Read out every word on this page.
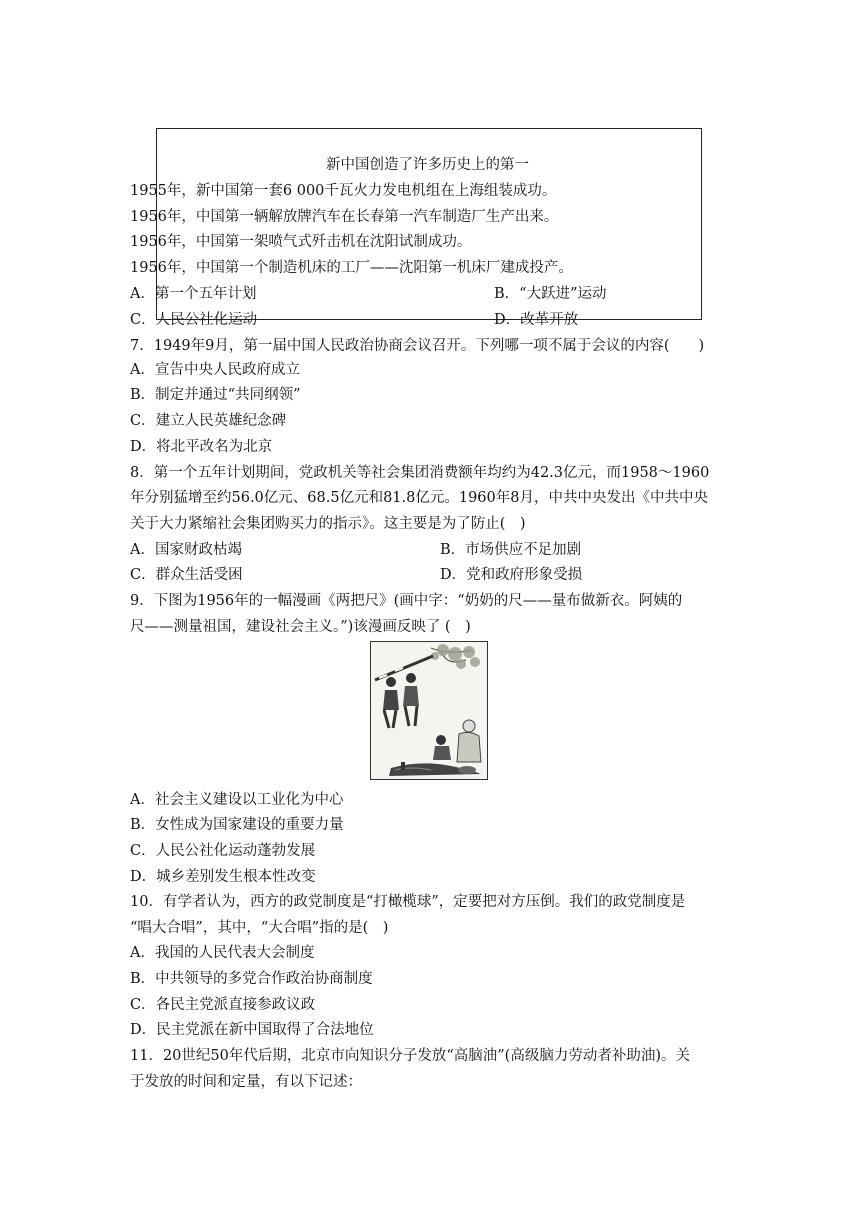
新中国创造了许多历史上的第一
1955年，新中国第一套6 000千瓦火力发电机组在上海组装成功。
1956年，中国第一辆解放牌汽车在长春第一汽车制造厂生产出来。
1956年，中国第一架喷气式歼击机在沈阳试制成功。
1956年，中国第一个制造机床的工厂——沈阳第一机床厂建成投产。
A．第一个五年计划	B．“大跃进”运动
C．人民公社化运动	D．改革开放
7．1949年9月，第一届中国人民政治协商会议召开。下列哪一项不属于会议的内容(　　)
A．宣告中央人民政府成立
B．制定并通过“共同纲领”
C．建立人民英雄纪念碑
D．将北平改名为北京
8．第一个五年计划期间，党政机关等社会集团消费额年均约为42.3亿元，而1958～1960
年分别猛增至约56.0亿元、68.5亿元和81.8亿元。1960年8月，中共中央发出《中共中央
关于大力紧缩社会集团购买力的指示》。这主要是为了防止(　)
A．国家财政枯竭	B．市场供应不足加剧
C．群众生活受困	D．党和政府形象受损
9．下图为1956年的一幅漫画《两把尺》(画中字：“奶奶的尺——量布做新衣。阿姨的
尺——测量祖国，建设社会主义。”)该漫画反映了 (　)
A．社会主义建设以工业化为中心
B．女性成为国家建设的重要力量
C．人民公社化运动蓬勃发展
D．城乡差别发生根本性改变
10．有学者认为，西方的政党制度是“打橄榄球”，定要把对方压倒。我们的政党制度是
“唱大合唱”，其中，“大合唱”指的是(　)
A．我国的人民代表大会制度
B．中共领导的多党合作政治协商制度
C．各民主党派直接参政议政
D．民主党派在新中国取得了合法地位
11．20世纪50年代后期，北京市向知识分子发放“高脑油”(高级脑力劳动者补助油)。关
于发放的时间和定量，有以下记述：
